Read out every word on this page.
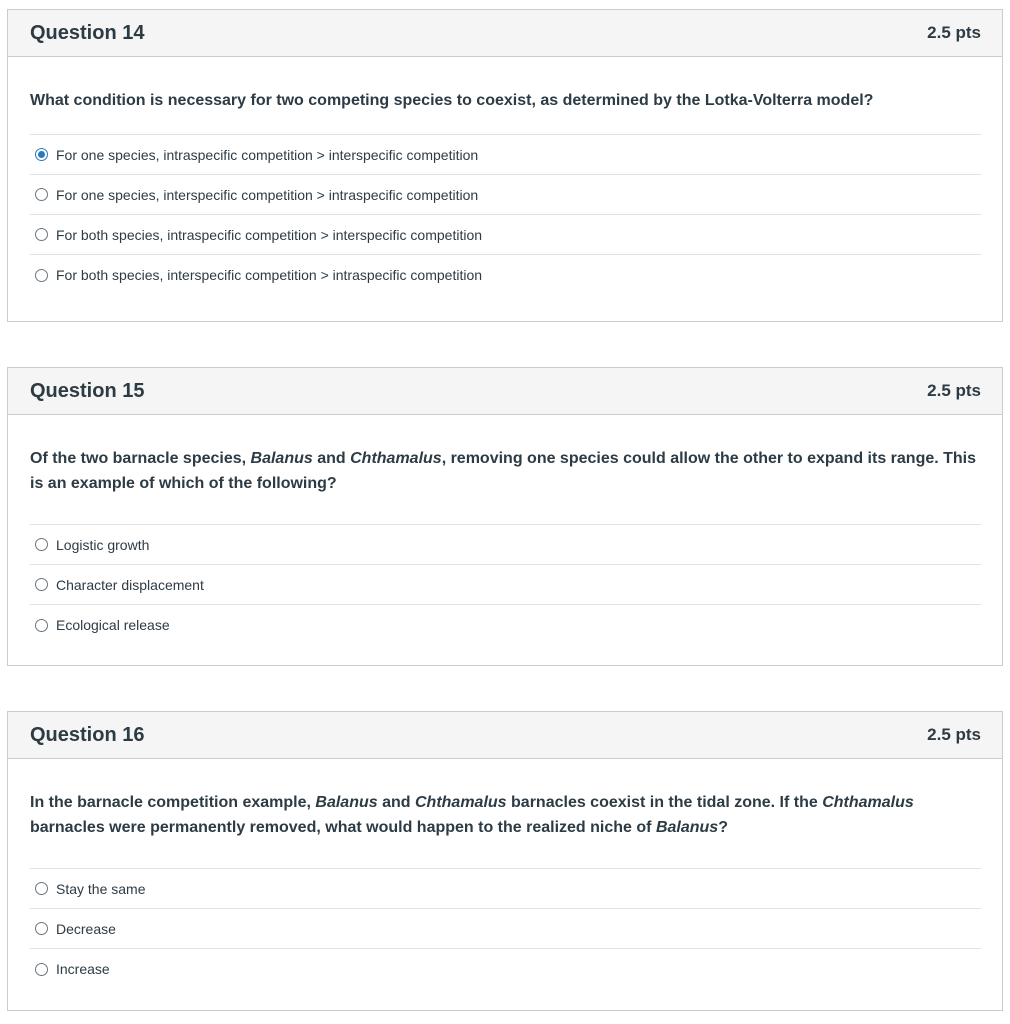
Question 14	2.5 pts

What condition is necessary for two competing species to coexist, as determined by the Lotka-Volterra model?

For one species, intraspecific competition > interspecific competition
For one species, interspecific competition > intraspecific competition
For both species, intraspecific competition > interspecific competition
For both species, interspecific competition > intraspecific competition
Question 15	2.5 pts

Of the two barnacle species, Balanus and Chthamalus, removing one species could allow the other to expand its range. This is an example of which of the following?

Logistic growth
Character displacement
Ecological release
Question 16	2.5 pts

In the barnacle competition example, Balanus and Chthamalus barnacles coexist in the tidal zone. If the Chthamalus barnacles were permanently removed, what would happen to the realized niche of Balanus?

Stay the same
Decrease
Increase
